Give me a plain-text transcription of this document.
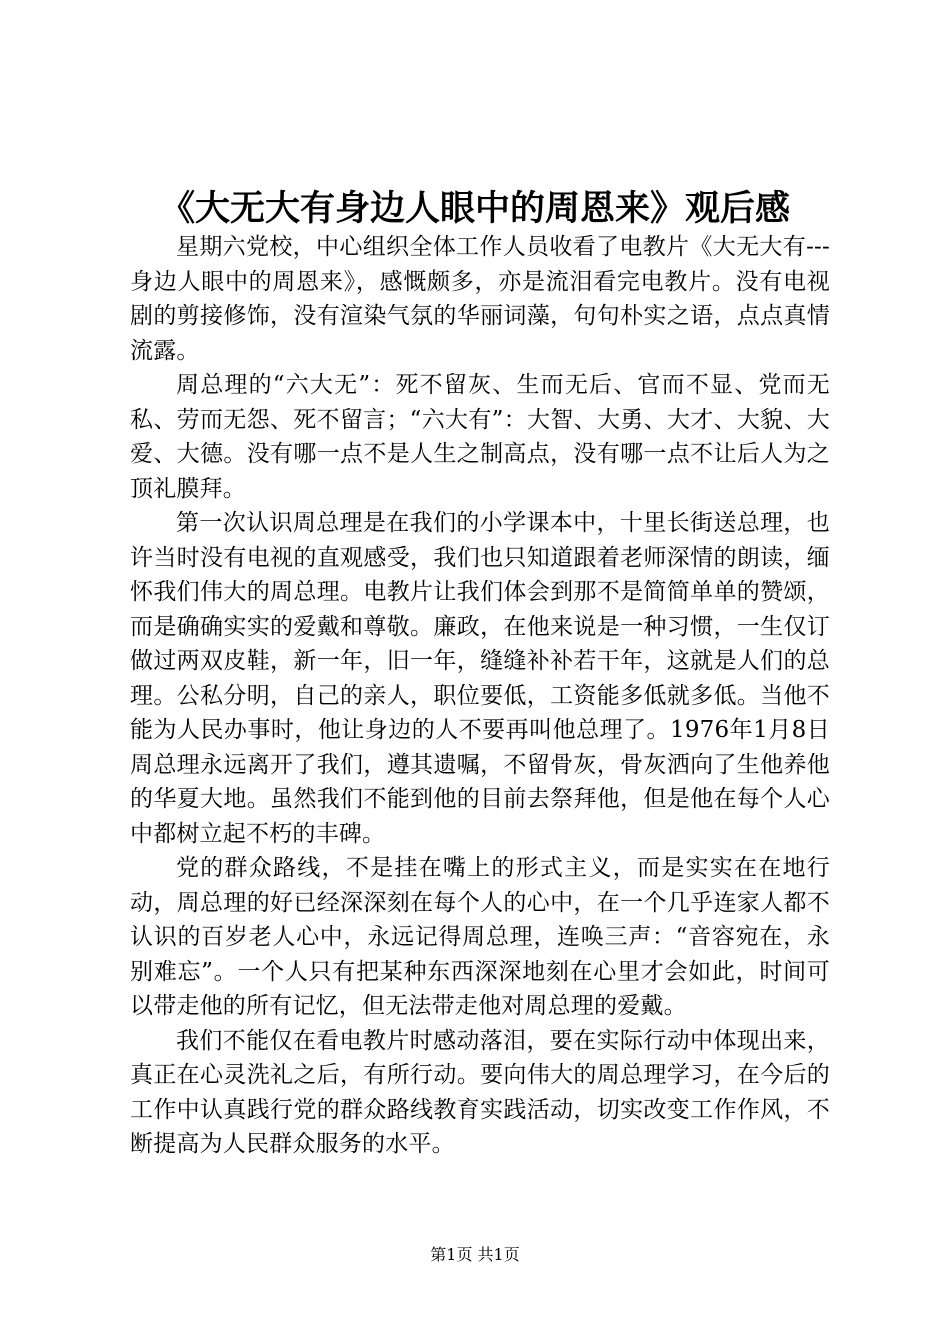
《大无大有身边人眼中的周恩来》观后感

星期六党校，中心组织全体工作人员收看了电教片《大无大有---身边人眼中的周恩来》，感慨颇多，亦是流泪看完电教片。没有电视剧的剪接修饰，没有渲染气氛的华丽词藻，句句朴实之语，点点真情流露。

周总理的“六大无”：死不留灰、生而无后、官而不显、党而无私、劳而无怨、死不留言；“六大有”：大智、大勇、大才、大貌、大爱、大德。没有哪一点不是人生之制高点，没有哪一点不让后人为之顶礼膜拜。

第一次认识周总理是在我们的小学课本中，十里长街送总理，也许当时没有电视的直观感受，我们也只知道跟着老师深情的朗读，缅怀我们伟大的周总理。电教片让我们体会到那不是简简单单的赞颂，而是确确实实的爱戴和尊敬。廉政，在他来说是一种习惯，一生仅订做过两双皮鞋，新一年，旧一年，缝缝补补若干年，这就是人们的总理。公私分明，自己的亲人，职位要低，工资能多低就多低。当他不能为人民办事时，他让身边的人不要再叫他总理了。1976年1月8日周总理永远离开了我们，遵其遗嘱，不留骨灰，骨灰洒向了生他养他的华夏大地。虽然我们不能到他的目前去祭拜他，但是他在每个人心中都树立起不朽的丰碑。

党的群众路线，不是挂在嘴上的形式主义，而是实实在在地行动，周总理的好已经深深刻在每个人的心中，在一个几乎连家人都不认识的百岁老人心中，永远记得周总理，连唤三声：“音容宛在，永别难忘”。一个人只有把某种东西深深地刻在心里才会如此，时间可以带走他的所有记忆，但无法带走他对周总理的爱戴。

我们不能仅在看电教片时感动落泪，要在实际行动中体现出来，真正在心灵洗礼之后，有所行动。要向伟大的周总理学习，在今后的工作中认真践行党的群众路线教育实践活动，切实改变工作作风，不断提高为人民群众服务的水平。

第1页 共1页
